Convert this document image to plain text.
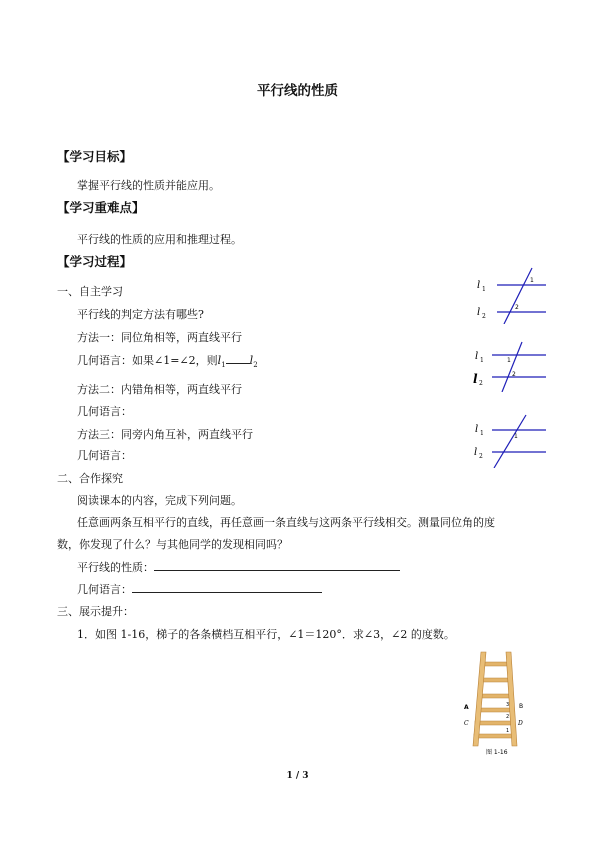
平行线的性质
【学习目标】
掌握平行线的性质并能应用。
【学习重难点】
平行线的性质的应用和推理过程。
【学习过程】
一、自主学习
平行线的判定方法有哪些?
方法一：同位角相等，两直线平行
几何语言：如果∠1=∠2，则$l_1$ $l_2$
方法二：内错角相等，两直线平行
几何语言：
方法三：同旁内角互补，两直线平行
几何语言：
二、合作探究
阅读课本的内容，完成下列问题。
任意画两条互相平行的直线，再任意画一条直线与这两条平行线相交。测量同位角的度
数，你发现了什么？与其他同学的发现相同吗？
平行线的性质：
几何语言：
三、展示提升：
1．如图 1-16，梯子的各条横档互相平行，∠1＝120°．求∠3，∠2 的度数。
l 1
l 2
1
2
l 1
l 2
1
2
l 1
l 2
1
A
C
B
D
3
2
1
图 1-16
1 / 3
